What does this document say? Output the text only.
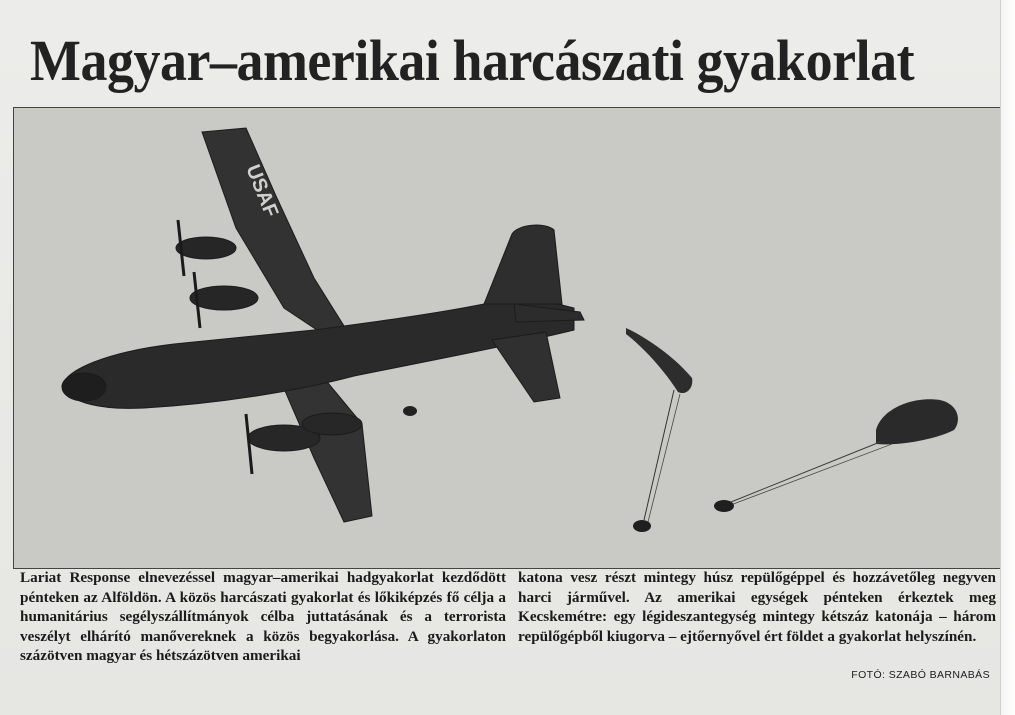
Magyar–amerikai harcászati gyakorlat
USAF
Lariat Response elnevezéssel magyar–amerikai hadgyakorlat kezdődött pénteken az Alföldön. A közös harcászati gyakorlat és lőkiképzés fő célja a humanitárius segélyszállítmányok célba juttatásának és a terrorista veszélyt elhárító manővereknek a közös begyakorlása. A gyakorlaton százötven magyar és hétszázötven amerikai
katona vesz részt mintegy húsz repülőgéppel és hozzávetőleg negyven harci járművel. Az amerikai egységek pénteken érkeztek meg Kecskemétre: egy légideszantegység mintegy kétszáz katonája – három repülőgépből kiugorva – ejtőernyővel ért földet a gyakorlat helyszínén.
FOTÓ: SZABÓ BARNABÁS
